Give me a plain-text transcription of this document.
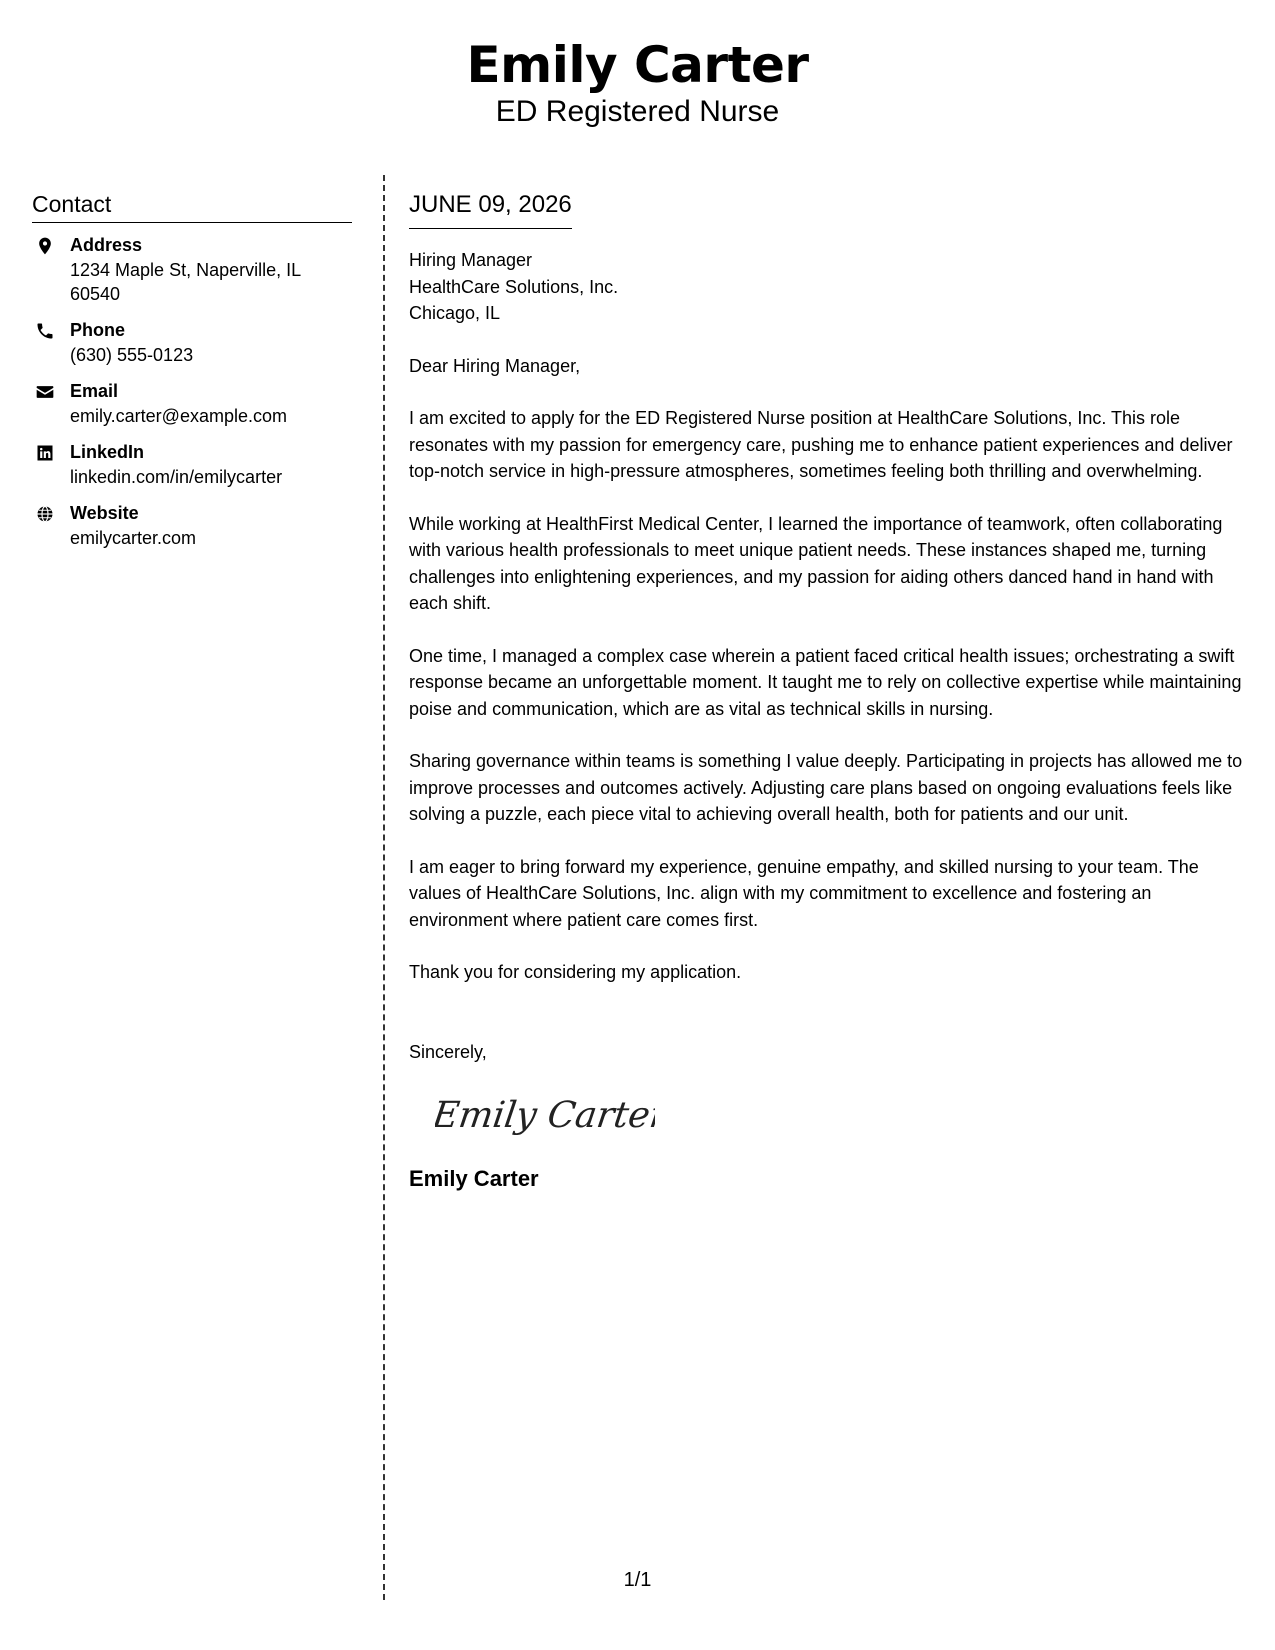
Emily Carter
ED Registered Nurse
Contact
Address
1234 Maple St, Naperville, IL 60540
Phone
(630) 555-0123
Email
emily.carter@example.com
LinkedIn
linkedin.com/in/emilycarter
Website
emilycarter.com
JUNE 09, 2026
Hiring Manager
HealthCare Solutions, Inc.
Chicago, IL
Dear Hiring Manager,
I am excited to apply for the ED Registered Nurse position at HealthCare Solutions, Inc. This role resonates with my passion for emergency care, pushing me to enhance patient experiences and deliver top-notch service in high-pressure atmospheres, sometimes feeling both thrilling and overwhelming.
While working at HealthFirst Medical Center, I learned the importance of teamwork, often collaborating with various health professionals to meet unique patient needs. These instances shaped me, turning challenges into enlightening experiences, and my passion for aiding others danced hand in hand with each shift.
One time, I managed a complex case wherein a patient faced critical health issues; orchestrating a swift response became an unforgettable moment. It taught me to rely on collective expertise while maintaining poise and communication, which are as vital as technical skills in nursing.
Sharing governance within teams is something I value deeply. Participating in projects has allowed me to improve processes and outcomes actively. Adjusting care plans based on ongoing evaluations feels like solving a puzzle, each piece vital to achieving overall health, both for patients and our unit.
I am eager to bring forward my experience, genuine empathy, and skilled nursing to your team. The values of HealthCare Solutions, Inc. align with my commitment to excellence and fostering an environment where patient care comes first.
Thank you for considering my application.
Sincerely,
Emily Carter
Emily Carter
1/1
